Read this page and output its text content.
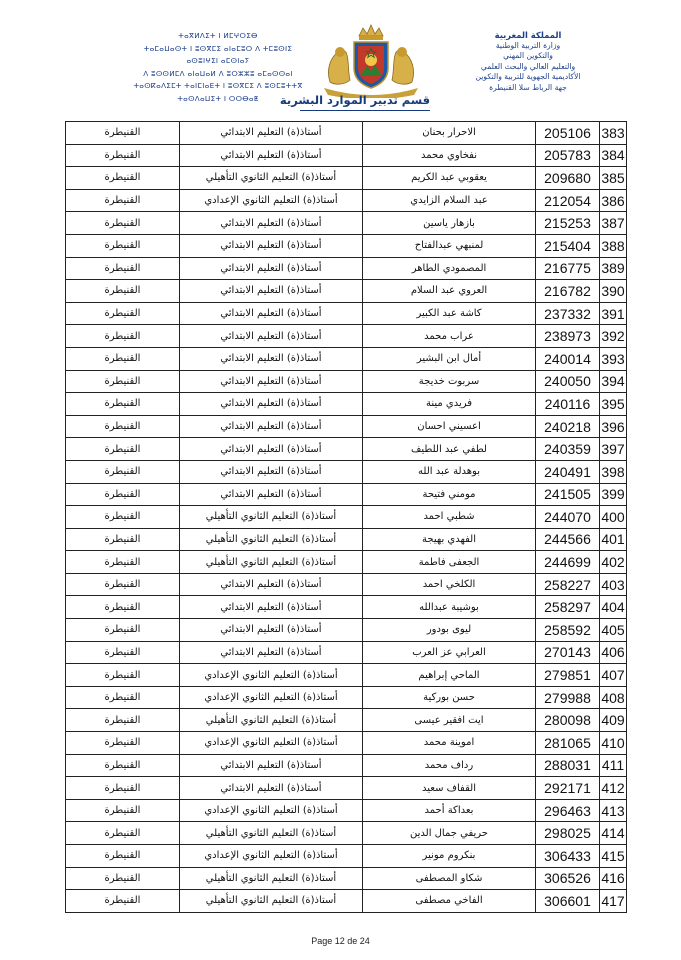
ⵜⴰⴳⵍⴷⵉⵜ ⵏ ⵍⵎⵖⵔⵉⴱ
ⵜⴰⵎⴰⵡⴰⵙⵜ ⵏ ⵓⵙⴳⵎⵉ ⴰⵏⴰⵎⵓⵔ ⴷ ⵜⵎⵓⵙⵏⵉ
ⴰⵙⵓⵏⵖⵉⵏ ⴰⵎⵙⵏⴰⵢ
ⴷ ⵓⵙⵙⵍⵎⴷ ⴰⵏⴰⵡⴰⵍ ⴷ ⵓⵔⵣⵣⵓ ⴰⵎⴰⵙⵙⴰⵏ
ⵜⴰⵙⴽⴰⴷⵉⵎⵜ ⵜⴰⵏⵎⵏⴰⴹⵜ ⵏ ⵓⵙⴳⵎⵉ ⴷ ⵓⵙⵎⵓⵜⵜⴳ
ⵜⴰⵙⴷⴰⵡⵉⵜ ⵏ ⵔⵔⴱⴰⵟ
المملكة المغربية
وزارة التربية الوطنية
والتكوين المهني
والتعليم العالي والبحث العلمي
الأكاديمية الجهوية للتربية والتكوين
جهة الرباط سلا القنيطرة
قسم تدبير الموارد البشرية
383	205106	الاحرار بحنان	أستاذ(ة) التعليم الابتدائي	القنيطرة
384	205783	نفخاوي محمد	أستاذ(ة) التعليم الابتدائي	القنيطرة
385	209680	يعقوبي عبد الكريم	أستاذ(ة) التعليم الثانوي التأهيلي	القنيطرة
386	212054	عبد السلام الزايدي	أستاذ(ة) التعليم الثانوي الإعدادي	القنيطرة
387	215253	بازهار ياسين	أستاذ(ة) التعليم الابتدائي	القنيطرة
388	215404	لمنبهي عبدالفتاح	أستاذ(ة) التعليم الابتدائي	القنيطرة
389	216775	المصمودي الطاهر	أستاذ(ة) التعليم الابتدائي	القنيطرة
390	216782	العروي عبد السلام	أستاذ(ة) التعليم الابتدائي	القنيطرة
391	237332	كاشة عبد الكبير	أستاذ(ة) التعليم الابتدائي	القنيطرة
392	238973	عراب محمد	أستاذ(ة) التعليم الابتدائي	القنيطرة
393	240014	أمال ابن البشير	أستاذ(ة) التعليم الابتدائي	القنيطرة
394	240050	سربوت خديجة	أستاذ(ة) التعليم الابتدائي	القنيطرة
395	240116	فريدي مينة	أستاذ(ة) التعليم الابتدائي	القنيطرة
396	240218	اعسيني احسان	أستاذ(ة) التعليم الابتدائي	القنيطرة
397	240359	لطفي عبد اللطيف	أستاذ(ة) التعليم الابتدائي	القنيطرة
398	240491	بوهدلة عبد الله	أستاذ(ة) التعليم الابتدائي	القنيطرة
399	241505	مومني فتيحة	أستاذ(ة) التعليم الابتدائي	القنيطرة
400	244070	شطبي احمد	أستاذ(ة) التعليم الثانوي التأهيلي	القنيطرة
401	244566	الفهدي بهيجة	أستاذ(ة) التعليم الثانوي التأهيلي	القنيطرة
402	244699	الجعفى فاطمة	أستاذ(ة) التعليم الثانوي التأهيلي	القنيطرة
403	258227	الكلخي احمد	أستاذ(ة) التعليم الابتدائي	القنيطرة
404	258297	بوشيبة عبدالله	أستاذ(ة) التعليم الابتدائي	القنيطرة
405	258592	ليوى بودور	أستاذ(ة) التعليم الابتدائي	القنيطرة
406	270143	العرابي عز العرب	أستاذ(ة) التعليم الابتدائي	القنيطرة
407	279851	الماحي إبراهيم	أستاذ(ة) التعليم الثانوي الإعدادي	القنيطرة
408	279988	حسن بوركية	أستاذ(ة) التعليم الثانوي الإعدادي	القنيطرة
409	280098	ايت افقير عيسى	أستاذ(ة) التعليم الثانوي التأهيلي	القنيطرة
410	281065	اموينة محمد	أستاذ(ة) التعليم الثانوي الإعدادي	القنيطرة
411	288031	رداف محمد	أستاذ(ة) التعليم الابتدائي	القنيطرة
412	292171	القفاف سعيد	أستاذ(ة) التعليم الابتدائي	القنيطرة
413	296463	بعداكة أحمد	أستاذ(ة) التعليم الثانوي الإعدادي	القنيطرة
414	298025	حريفي جمال الدين	أستاذ(ة) التعليم الثانوي التأهيلي	القنيطرة
415	306433	بنكروم مونير	أستاذ(ة) التعليم الثانوي الإعدادي	القنيطرة
416	306526	شكاو المصطفى	أستاذ(ة) التعليم الثانوي التأهيلي	القنيطرة
417	306601	الفاخي مصطفى	أستاذ(ة) التعليم الثانوي التأهيلي	القنيطرة
Page 12 de 24
